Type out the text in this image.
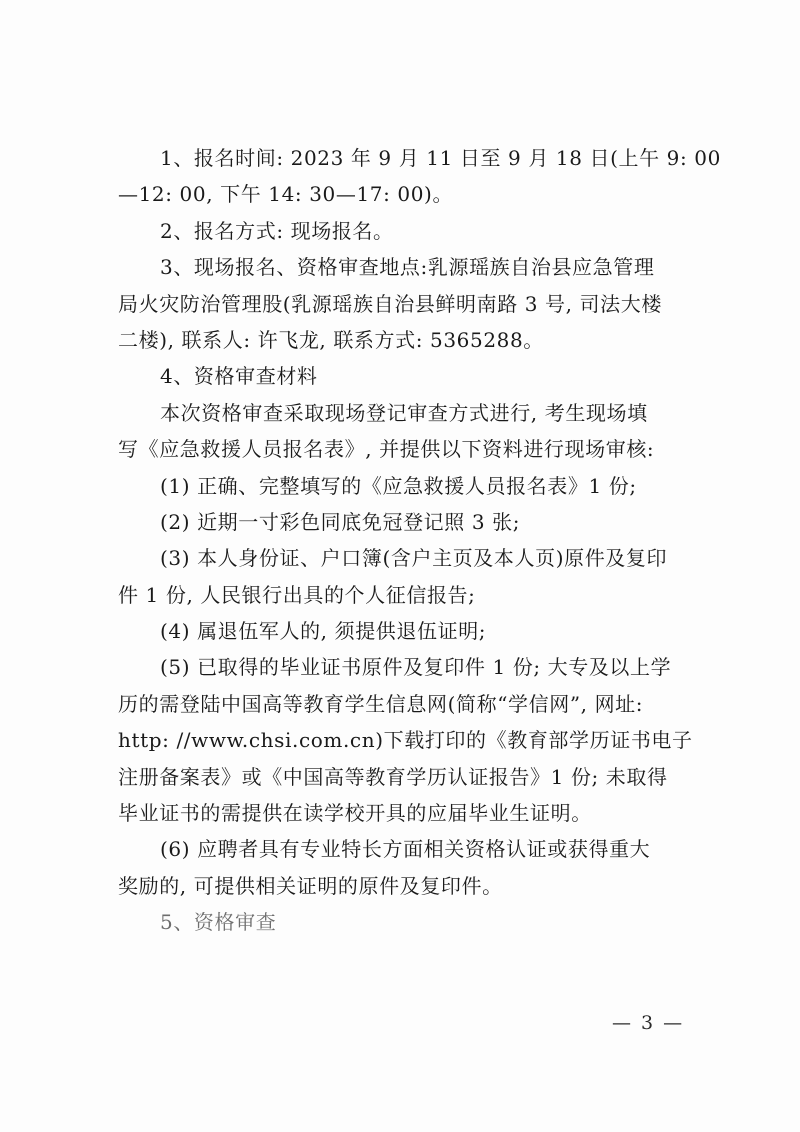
1、报名时间: 2023 年 9 月 11 日至 9 月 18 日(上午 9: 00
—12: 00, 下午 14: 30—17: 00)。
2、报名方式: 现场报名。
3、现场报名、资格审查地点:乳源瑶族自治县应急管理
局火灾防治管理股(乳源瑶族自治县鲜明南路 3 号, 司法大楼
二楼), 联系人: 许飞龙, 联系方式: 5365288。
4、资格审查材料
本次资格审查采取现场登记审查方式进行, 考生现场填
写《应急救援人员报名表》, 并提供以下资料进行现场审核:
(1) 正确、完整填写的《应急救援人员报名表》1 份;
(2) 近期一寸彩色同底免冠登记照 3 张;
(3) 本人身份证、户口簿(含户主页及本人页)原件及复印
件 1 份, 人民银行出具的个人征信报告;
(4) 属退伍军人的, 须提供退伍证明;
(5) 已取得的毕业证书原件及复印件 1 份; 大专及以上学
历的需登陆中国高等教育学生信息网(简称“学信网”, 网址:
http: //www.chsi.com.cn)下载打印的《教育部学历证书电子
注册备案表》或《中国高等教育学历认证报告》1 份; 未取得
毕业证书的需提供在读学校开具的应届毕业生证明。
(6) 应聘者具有专业特长方面相关资格认证或获得重大
奖励的, 可提供相关证明的原件及复印件。
5、资格审查
— 3 —
